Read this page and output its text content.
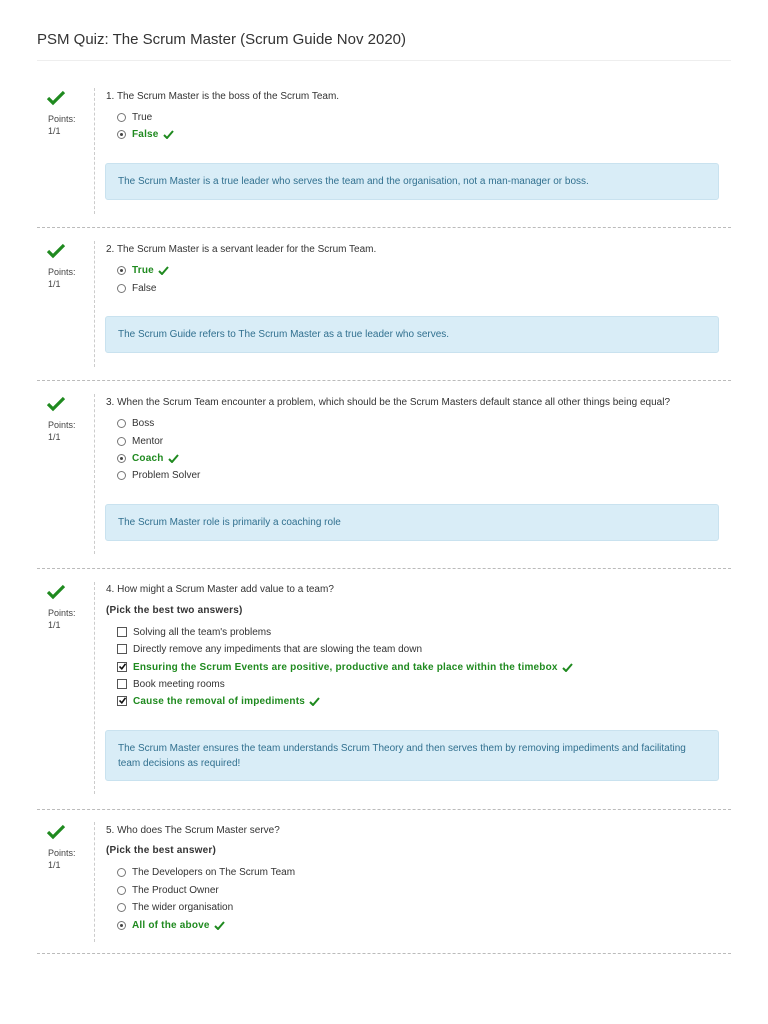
PSM Quiz: The Scrum Master (Scrum Guide Nov 2020)
Points:
1/1
1. The Scrum Master is the boss of the Scrum Team.
True
False
The Scrum Master is a true leader who serves the team and the organisation, not a man-manager or boss.
Points:
1/1
2. The Scrum Master is a servant leader for the Scrum Team.
True
False
The Scrum Guide refers to The Scrum Master as a true leader who serves.
Points:
1/1
3. When the Scrum Team encounter a problem, which should be the Scrum Masters default stance all other things being equal?
Boss
Mentor
Coach
Problem Solver
The Scrum Master role is primarily a coaching role
Points:
1/1
4. How might a Scrum Master add value to a team?
(Pick the best two answers)
Solving all the team's problems
Directly remove any impediments that are slowing the team down
Ensuring the Scrum Events are positive, productive and take place within the timebox
Book meeting rooms
Cause the removal of impediments
The Scrum Master ensures the team understands Scrum Theory and then serves them by removing impediments and facilitating team decisions as required!
Points:
1/1
5. Who does The Scrum Master serve?
(Pick the best answer)
The Developers on The Scrum Team
The Product Owner
The wider organisation
All of the above
